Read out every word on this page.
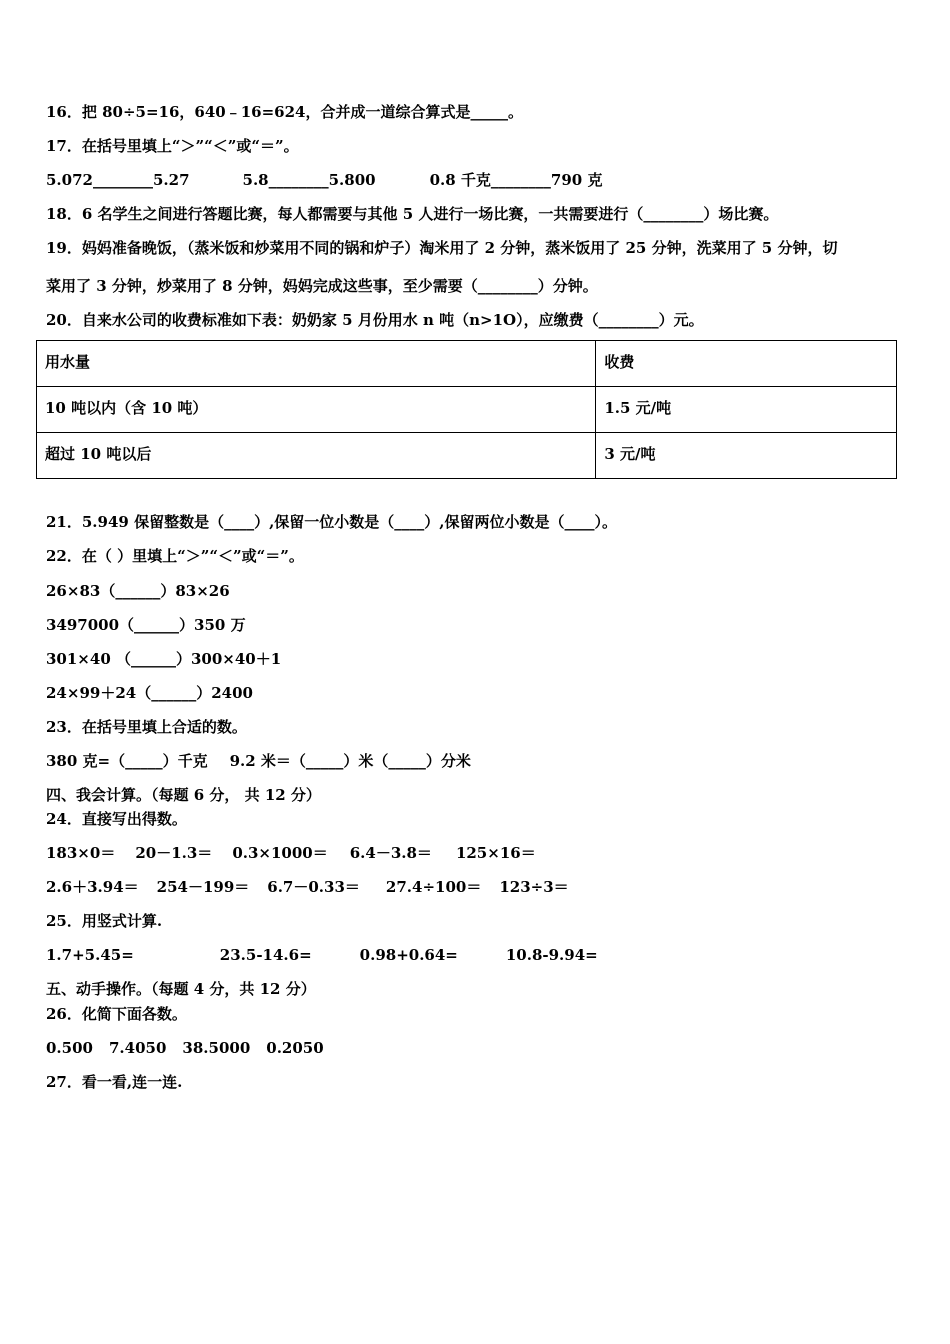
16．把 80÷5=16，640﹣16=624，合并成一道综合算式是_____。
17．在括号里填上“＞”“＜”或“＝”。
5.072________5.27	5.8________5.800	0.8 千克________790 克
18．6 名学生之间进行答题比赛，每人都需要与其他 5 人进行一场比赛，一共需要进行（________）场比赛。
19．妈妈准备晚饭，（蒸米饭和炒菜用不同的锅和炉子）淘米用了 2 分钟，蒸米饭用了 25 分钟，洗菜用了 5 分钟，切
菜用了 3 分钟，炒菜用了 8 分钟，妈妈完成这些事，至少需要（________）分钟。
20．自来水公司的收费标准如下表：奶奶家 5 月份用水 n 吨（n>1O），应缴费（________）元。
用水量	收费
10 吨以内（含 10 吨）	1.5 元/吨
超过 10 吨以后	3 元/吨
21．5.949 保留整数是（____）,保留一位小数是（____）,保留两位小数是（____）。
22．在（ ）里填上“＞”“＜”或“＝”。
26×83（______）83×26
3497000（______）350 万
301×40 （______）300×40＋1
24×99＋24（______）2400
23．在括号里填上合适的数。
380 克=（_____）千克 9.2 米＝（_____）米（_____）分米
四、我会计算。（每题 6 分， 共 12 分）
24．直接写出得数。
183×0＝ 20－1.3＝ 0.3×1000＝ 6.4－3.8＝ 125×16＝
2.6＋3.94＝ 254－199＝ 6.7－0.33＝ 27.4÷100＝ 123÷3＝
25．用竖式计算.
1.7+5.45=	23.5-14.6=	0.98+0.64=	10.8-9.94=
五、动手操作。（每题 4 分，共 12 分）
26．化简下面各数。
0.500 7.4050 38.5000 0.2050
27．看一看,连一连.
